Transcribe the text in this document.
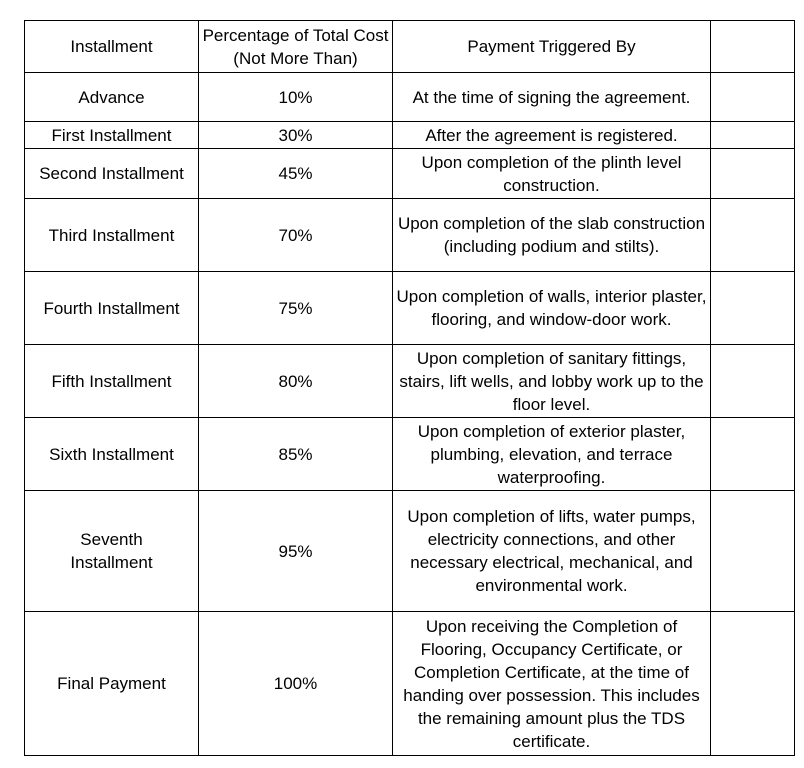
Installment	Percentage of Total Cost (Not More Than)	Payment Triggered By	
Advance	10%	At the time of signing the agreement.	
First Installment	30%	After the agreement is registered.	
Second Installment	45%	Upon completion of the plinth level construction.	
Third Installment	70%	Upon completion of the slab construction (including podium and stilts).	
Fourth Installment	75%	Upon completion of walls, interior plaster, flooring, and window-door work.	
Fifth Installment	80%	Upon completion of sanitary fittings, stairs, lift wells, and lobby work up to the floor level.	
Sixth Installment	85%	Upon completion of exterior plaster, plumbing, elevation, and terrace waterproofing.	
Seventh Installment	95%	Upon completion of lifts, water pumps, electricity connections, and other necessary electrical, mechanical, and environmental work.	
Final Payment	100%	Upon receiving the Completion of Flooring, Occupancy Certificate, or Completion Certificate, at the time of handing over possession. This includes the remaining amount plus the TDS certificate.	
